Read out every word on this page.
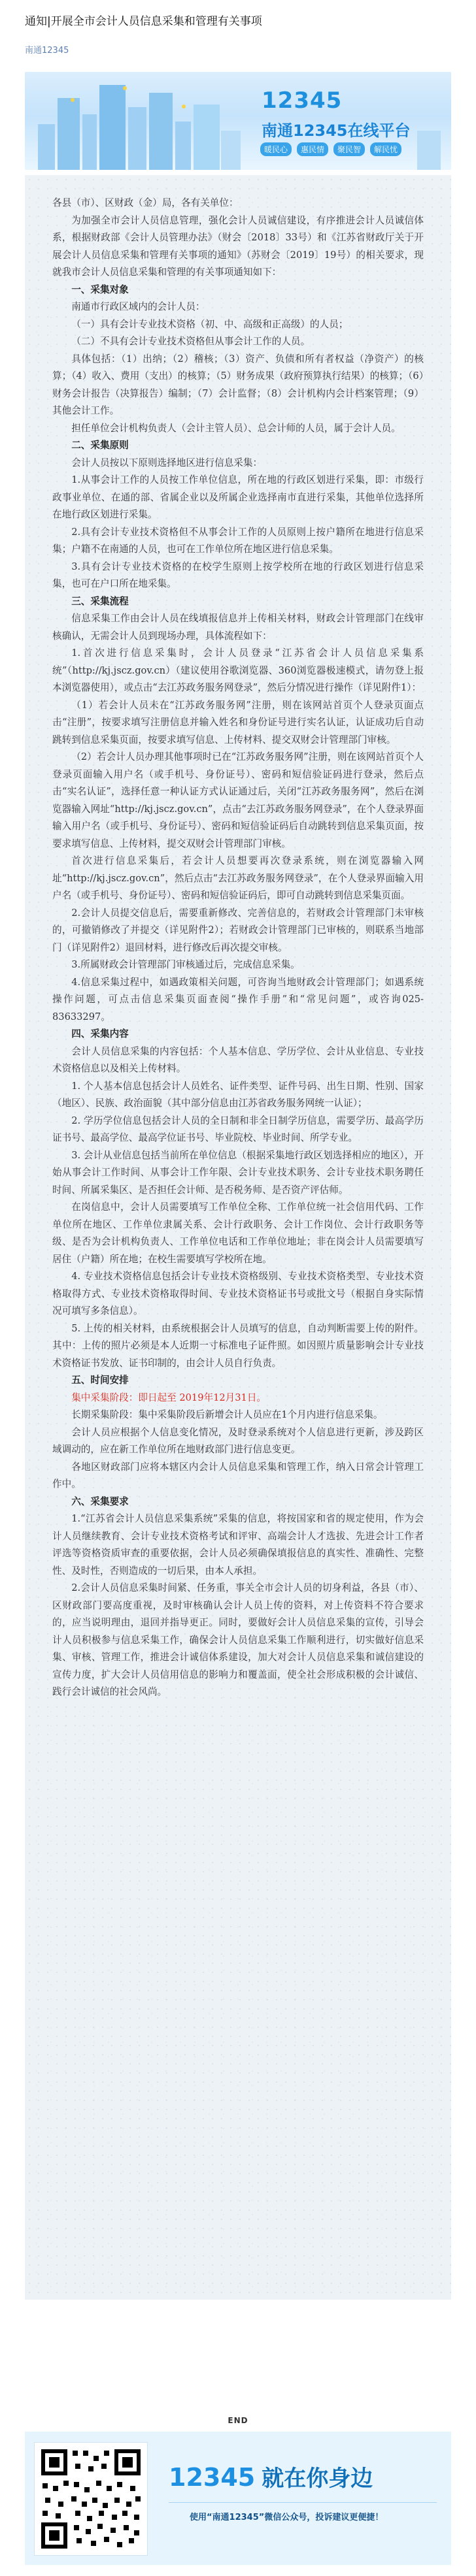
通知|开展全市会计人员信息采集和管理有关事项
南通12345
12345
南通12345在线平台
暖民心	惠民情	聚民智	解民忧

各县（市）、区财政（金）局，各有关单位：

为加强全市会计人员信息管理，强化会计人员诚信建设，有序推进会计人员诚信体系，根据财政部《会计人员管理办法》（财会〔2018〕33号）和《江苏省财政厅关于开展会计人员信息采集和管理有关事项的通知》（苏财会〔2019〕19号）的相关要求，现就我市会计人员信息采集和管理的有关事项通知如下：

一、采集对象

南通市行政区域内的会计人员：

（一）具有会计专业技术资格（初、中、高级和正高级）的人员；

（二）不具有会计专业技术资格但从事会计工作的人员。

具体包括：（1）出纳；（2）稽核；（3）资产、负债和所有者权益（净资产）的核算；（4）收入、费用（支出）的核算；（5）财务成果（政府预算执行结果）的核算；（6）财务会计报告（决算报告）编制；（7）会计监督；（8）会计机构内会计档案管理；（9）其他会计工作。

担任单位会计机构负责人（会计主管人员）、总会计师的人员，属于会计人员。

二、采集原则

会计人员按以下原则选择地区进行信息采集：

1.从事会计工作的人员按工作单位信息，所在地的行政区划进行采集，即：市级行政事业单位、在通的部、省属企业以及所属企业选择南市直进行采集，其他单位选择所在地行政区划进行采集。

2.具有会计专业技术资格但不从事会计工作的人员原则上按户籍所在地进行信息采集；户籍不在南通的人员，也可在工作单位所在地区进行信息采集。

3.具有会计专业技术资格的在校学生原则上按学校所在地的行政区划进行信息采集，也可在户口所在地采集。

三、采集流程

信息采集工作由会计人员在线填报信息并上传相关材料，财政会计管理部门在线审核确认，无需会计人员到现场办理，具体流程如下：

1.首次进行信息采集时，会计人员登录“江苏省会计人员信息采集系统”（http://kj.jscz.gov.cn）（建议使用谷歌浏览器、360浏览器极速模式，请勿登上报本浏览器使用），或点击“去江苏政务服务网登录”，然后分情况进行操作（详见附件1）：

（1）若会计人员未在“江苏政务服务网”注册，则在该网站首页个人登录页面点击“注册”，按要求填写注册信息并输入姓名和身份证号进行实名认证，认证成功后自动跳转到信息采集页面，按要求填写信息、上传材料、提交双财会计管理部门审核。

（2）若会计人员办理其他事项时已在“江苏政务服务网”注册，则在该网站首页个人登录页面输入用户名（或手机号、身份证号）、密码和短信验证码进行登录，然后点击“实名认证”，选择任意一种认证方式认证通过后，关闭“江苏政务服务网”，然后在浏览器输入网址“http://kj.jscz.gov.cn”，点击“去江苏政务服务网登录”，在个人登录界面输入用户名（或手机号、身份证号）、密码和短信验证码后自动跳转到信息采集页面，按要求填写信息、上传材料，提交双财会计管理部门审核。

首次进行信息采集后，若会计人员想要再次登录系统，则在浏览器输入网址“http://kj.jscz.gov.cn”，然后点击“去江苏政务服务网登录”，在个人登录界面输入用户名（或手机号、身份证号）、密码和短信验证码后，即可自动跳转到信息采集页面。

2.会计人员提交信息后，需要重新修改、完善信息的，若财政会计管理部门未审核的，可撤销修改了并提交（详见附件2）；若财政会计管理部门已审核的，则联系当地部门（详见附件2）退回材料，进行修改后再次提交审核。

3.所属财政会计管理部门审核通过后，完成信息采集。

4.信息采集过程中，如遇政策相关问题，可咨询当地财政会计管理部门；如遇系统操作问题，可点击信息采集页面查阅“操作手册”和“常见问题”，或咨询025-83633297。

四、采集内容

会计人员信息采集的内容包括：个人基本信息、学历学位、会计从业信息、专业技术资格信息以及相关上传材料。

1. 个人基本信息包括会计人员姓名、证件类型、证件号码、出生日期、性别、国家（地区）、民族、政治面貌（其中部分信息由江苏省政务服务网统一认证）；

2. 学历学位信息包括会计人员的全日制和非全日制学历信息，需要学历、最高学历证书号、最高学位、最高学位证书号、毕业院校、毕业时间、所学专业。

3. 会计从业信息包括当前所在单位信息（根据采集地行政区划选择相应的地区），开始从事会计工作时间、从事会计工作年限、会计专业技术职务、会计专业技术职务聘任时间、所属采集区、是否担任会计师、是否税务师、是否资产评估师。

在岗信息中，会计人员需要填写工作单位全称、工作单位统一社会信用代码、工作单位所在地区、工作单位隶属关系、会计行政职务、会计工作岗位、会计行政职务等级、是否为会计机构负责人、工作单位电话和工作单位地址；非在岗会计人员需要填写居住（户籍）所在地；在校生需要填写学校所在地。

4. 专业技术资格信息包括会计专业技术资格级别、专业技术资格类型、专业技术资格取得方式、专业技术资格取得时间、专业技术资格证书号或批文号（根据自身实际情况可填写多条信息）。

5. 上传的相关材料，由系统根据会计人员填写的信息，自动判断需要上传的附件。其中：上传的照片必须是本人近期一寸标准电子证件照。如因照片质量影响会计专业技术资格证书发放、证书印制的，由会计人员自行负责。

五、时间安排

集中采集阶段：即日起至 2019年12月31日。

长期采集阶段：集中采集阶段后新增会计人员应在1个月内进行信息采集。

会计人员应根据个人信息变化情况，及时登录系统对个人信息进行更新，涉及跨区域调动的，应在新工作单位所在地财政部门进行信息变更。

各地区财政部门应将本辖区内会计人员信息采集和管理工作，纳入日常会计管理工作中。

六、采集要求

1.“江苏省会计人员信息采集系统”采集的信息，将按国家和省的规定使用，作为会计人员继续教育、会计专业技术资格考试和评审、高端会计人才选拔、先进会计工作者评选等资格资质审查的重要依据，会计人员必须确保填报信息的真实性、准确性、完整性、及时性，否则造成的一切后果，由本人承担。

2.会计人员信息采集时间紧、任务重，事关全市会计人员的切身利益，各县（市）、区财政部门要高度重视，及时审核确认会计人员上传的资料，对上传资料不符合要求的，应当说明理由，退回并指导更正。同时，要做好会计人员信息采集的宣传，引导会计人员积极参与信息采集工作，确保会计人员信息采集工作顺利进行，切实做好信息采集、审核、管理工作，推进会计诚信体系建设，加大对会计人员信息采集和诚信建设的宣传力度，扩大会计人员信用信息的影响力和覆盖面，使全社会形成积极的会计诚信、践行会计诚信的社会风尚。

END
12345 就在你身边
使用“南通12345”微信公众号，投诉建议更便捷！
